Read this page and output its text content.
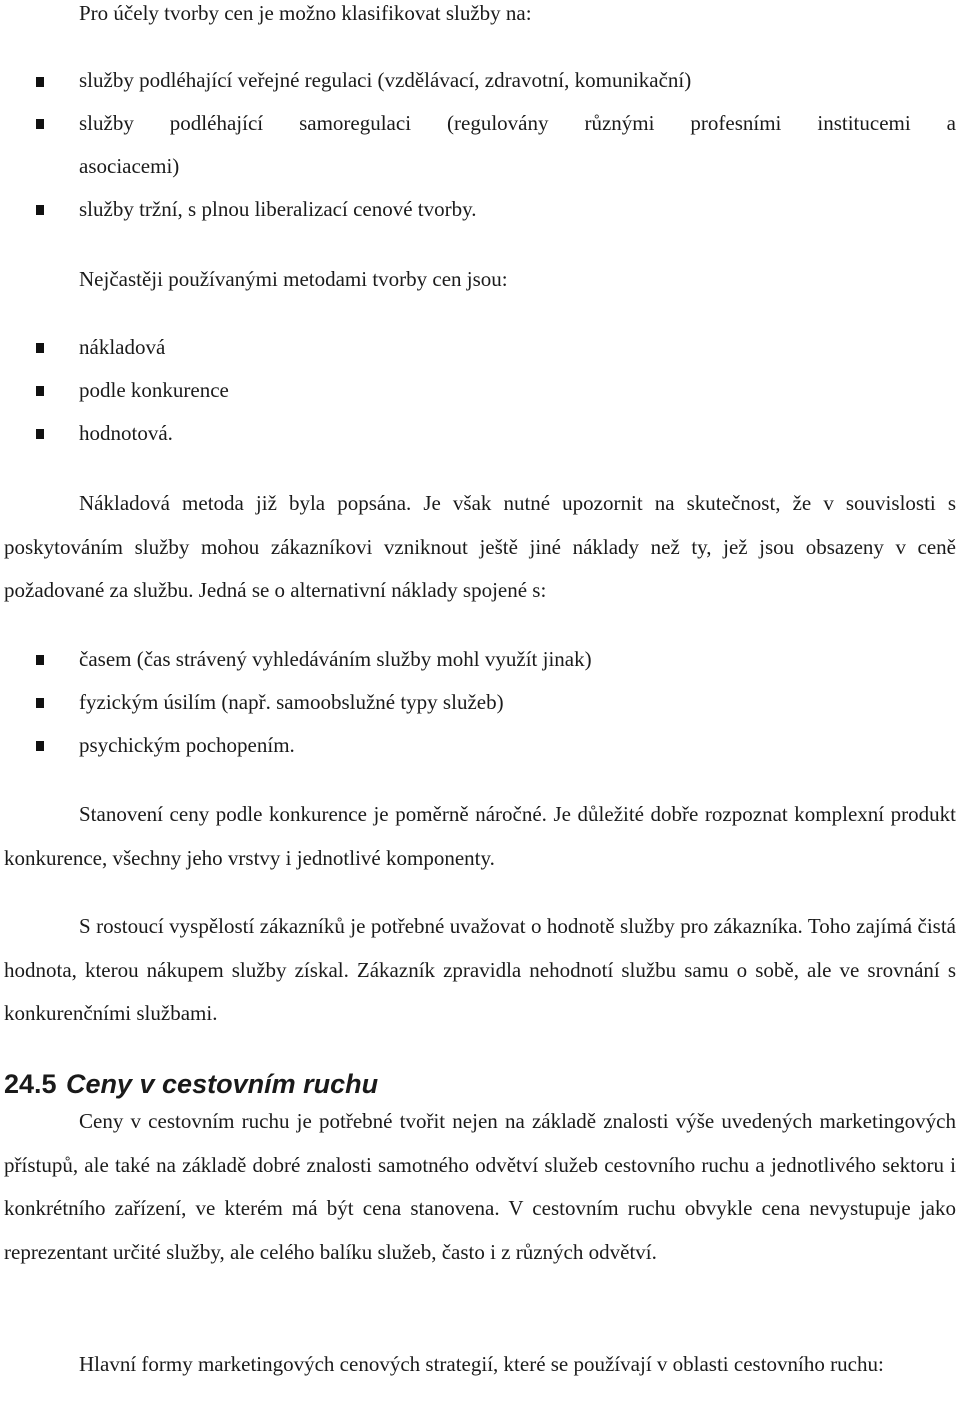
Pro účely tvorby cen je možno klasifikovat služby na:

služby podléhající veřejné regulaci (vzdělávací, zdravotní, komunikační)

služby podléhající samoregulaci (regulovány různými profesními institucemi a

asociacemi)

služby tržní, s plnou liberalizací cenové tvorby.

Nejčastěji používanými metodami tvorby cen jsou:

nákladová

podle konkurence

hodnotová.

Nákladová metoda již byla popsána. Je však nutné upozornit na skutečnost, že v souvislosti s poskytováním služby mohou zákazníkovi vzniknout ještě jiné náklady než ty, jež jsou obsazeny v ceně požadované za službu. Jedná se o alternativní náklady spojené s:

časem (čas strávený vyhledáváním služby mohl využít jinak)

fyzickým úsilím (např. samoobslužné typy služeb)

psychickým pochopením.

Stanovení ceny podle konkurence je poměrně náročné. Je důležité dobře rozpoznat komplexní produkt konkurence, všechny jeho vrstvy i jednotlivé komponenty.

S rostoucí vyspělostí zákazníků je potřebné uvažovat o hodnotě služby pro zákazníka. Toho zajímá čistá hodnota, kterou nákupem služby získal. Zákazník zpravidla nehodnotí službu samu o sobě, ale ve srovnání s konkurenčními službami.

24.5 Ceny v cestovním ruchu

Ceny v cestovním ruchu je potřebné tvořit nejen na základě znalosti výše uvedených marketingových přístupů, ale také na základě dobré znalosti samotného odvětví služeb cestovního ruchu a jednotlivého sektoru i konkrétního zařízení, ve kterém má být cena stanovena. V cestovním ruchu obvykle cena nevystupuje jako reprezentant určité služby, ale celého balíku služeb, často i z různých odvětví.

Hlavní formy marketingových cenových strategií, které se používají v oblasti cestovního ruchu:
